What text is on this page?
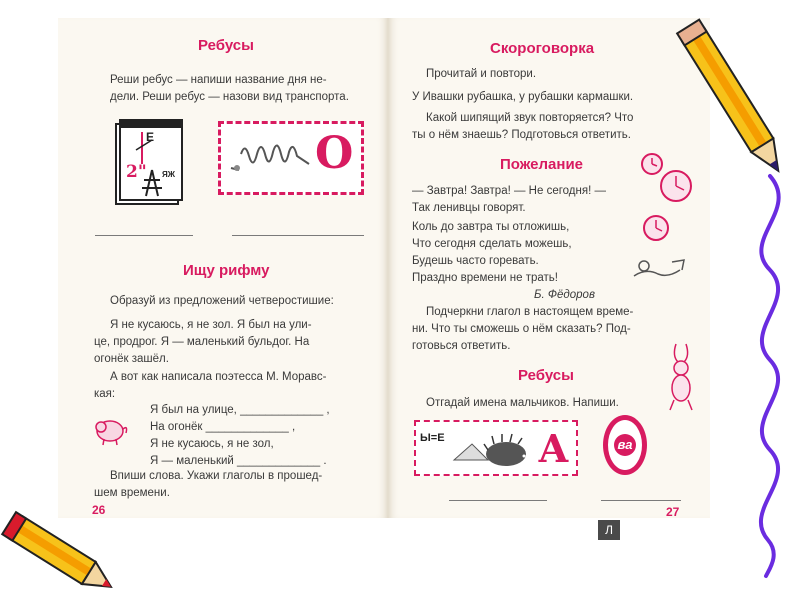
Ребусы
Реши ребус — напиши название дня не-
дели. Реши ребус — назови вид транспорта.
Е
2" ЯЖ	О
Ищу рифму
Образуй из предложений четверостишие:
Я не кусаюсь, я не зол. Я был на ули-
це, продрог. Я — маленький бульдог. На
огонёк зашёл.
А вот как написала поэтесса М. Моравс-
кая:
Я был на улице, _____________ ,
На огонёк _____________ ,
Я не кусаюсь, я не зол,
Я — маленький _____________ .
Впиши слова. Укажи глаголы в прошед-
шем времени.
26
Скороговорка
Прочитай и повтори.
У Ивашки рубашка, у рубашки кармашки.
Какой шипящий звук повторяется? Что
ты о нём знаешь? Подготовься ответить.
Пожелание
— Завтра! Завтра! — Не сегодня! —
Так ленивцы говорят.
Коль до завтра ты отложишь,
Что сегодня сделать можешь,
Будешь часто горевать.
Праздно времени не трать!
Б. Фёдоров
Подчеркни глагол в настоящем време-
ни. Что ты сможешь о нём сказать? Под-
готовься ответить.
Ребусы
Отгадай имена мальчиков. Напиши.
Ы=Е А	ва
27
Л
